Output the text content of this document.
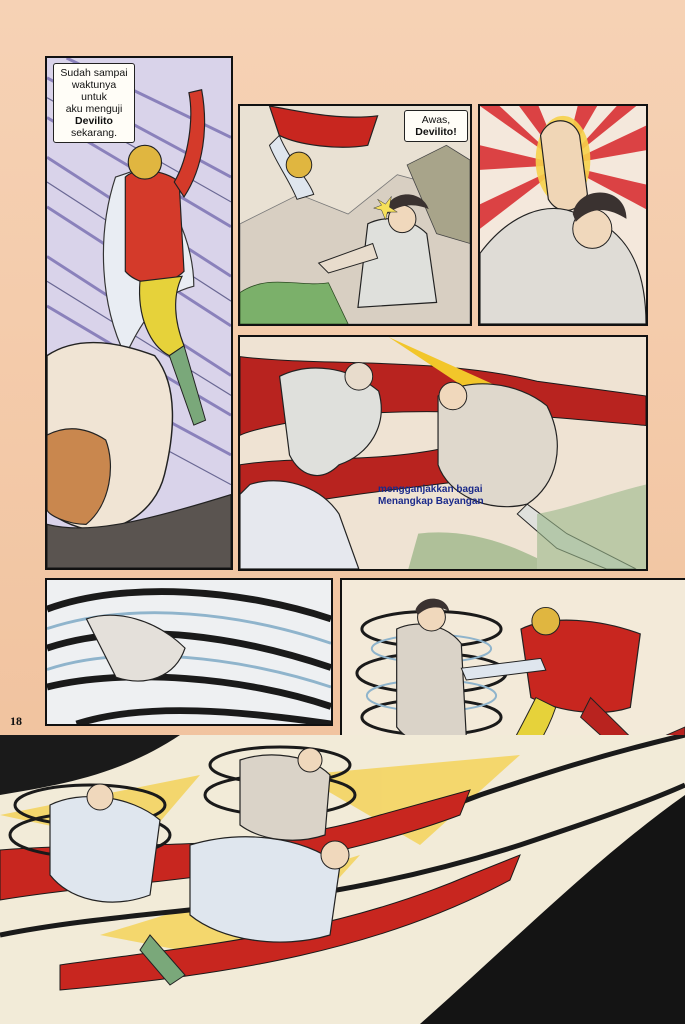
Sudah sampai
waktunya untuk
aku menguji
Devilito sekarang.
Awas,
Devilito!
mengganjakkan bagai
Menangkap Bayangan
18
